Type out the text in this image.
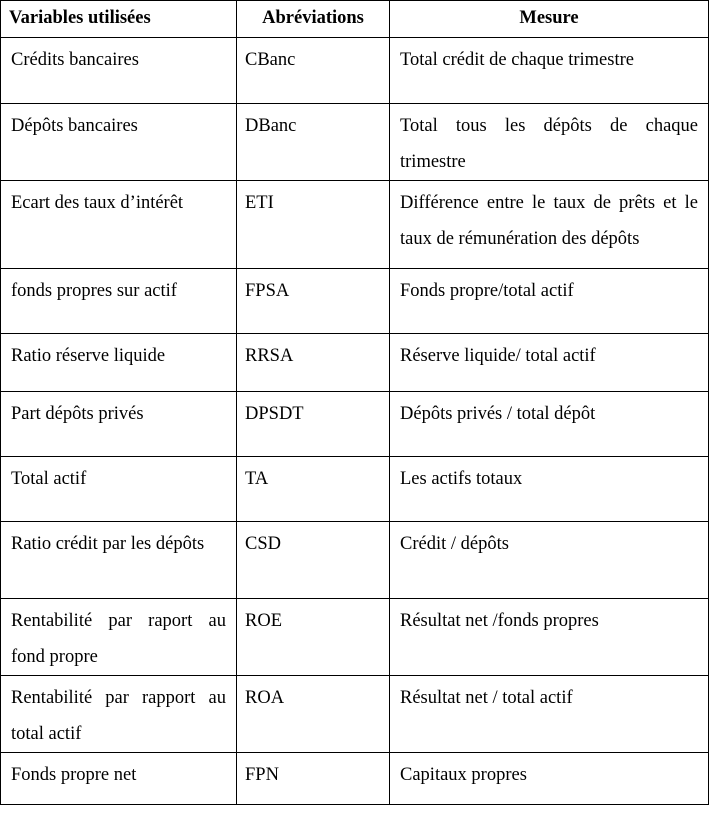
Variables utilisées	Abréviations	Mesure
Crédits bancaires	CBanc	Total crédit de chaque trimestre
Dépôts bancaires	DBanc	Total tous les dépôts de chaque trimestre
Ecart des taux d’intérêt	ETI	Différence entre le taux de prêts et le taux de rémunération des dépôts
fonds propres sur actif	FPSA	Fonds propre/total actif
Ratio réserve liquide	RRSA	Réserve liquide/ total actif
Part dépôts privés	DPSDT	Dépôts privés / total dépôt
Total actif	TA	Les actifs totaux
Ratio crédit par les dépôts	CSD	Crédit / dépôts
Rentabilité par raport au fond propre	ROE	Résultat net /fonds propres
Rentabilité par rapport au total actif	ROA	Résultat net / total actif
Fonds propre net	FPN	Capitaux propres
